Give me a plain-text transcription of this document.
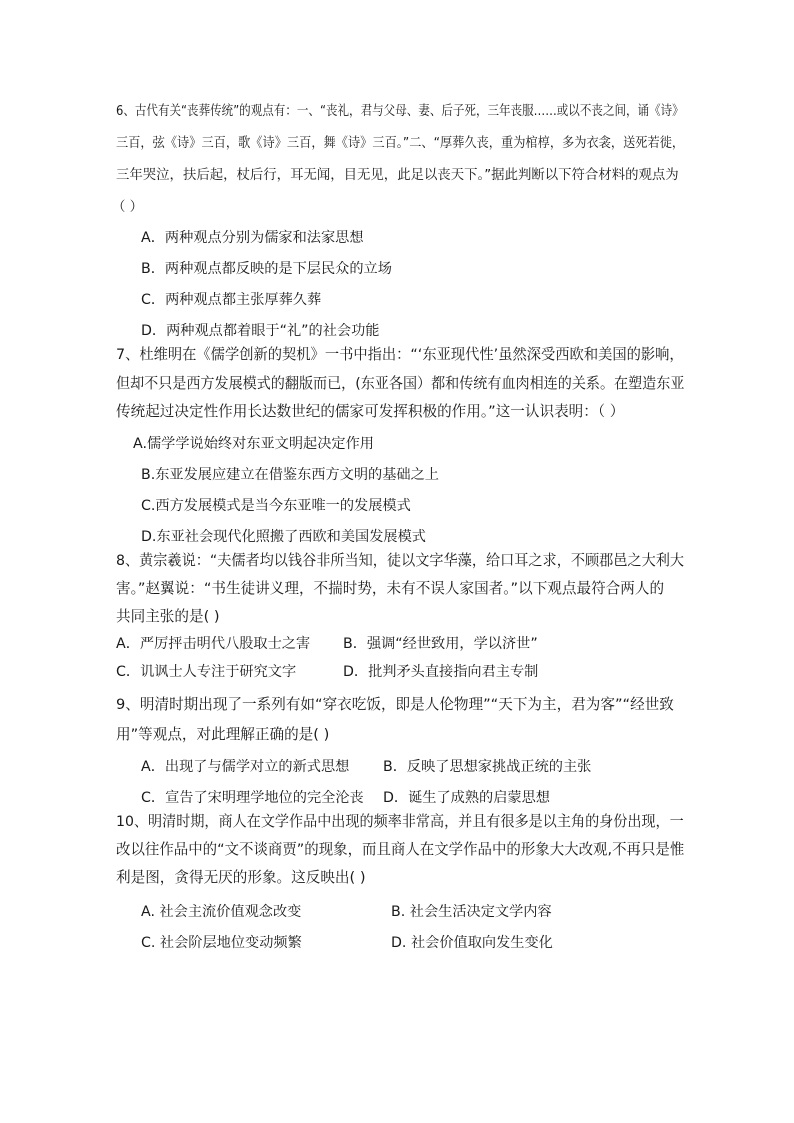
6、古代有关“丧葬传统”的观点有：一、“丧礼，君与父母、妻、后子死，三年丧服……或以不丧之间，诵《诗》
三百，弦《诗》三百，歌《诗》三百，舞《诗》三百。”二、“厚葬久丧，重为棺椁，多为衣衾，送死若徙，
三年哭泣，扶后起，杖后行，耳无闻，目无见，此足以丧天下。”据此判断以下符合材料的观点为
（ ）
A．两种观点分别为儒家和法家思想
B．两种观点都反映的是下层民众的立场
C．两种观点都主张厚葬久葬
D．两种观点都着眼于“礼”的社会功能
7、杜维明在《儒学创新的契机》一书中指出：“‘东亚现代性’虽然深受西欧和美国的影响，
但却不只是西方发展模式的翻版而已，(东亚各国）都和传统有血肉相连的关系。在塑造东亚
传统起过决定性作用长达数世纪的儒家可发挥积极的作用。”这一认识表明：（ ）
A.儒学学说始终对东亚文明起决定作用
B.东亚发展应建立在借鉴东西方文明的基础之上
C.西方发展模式是当今东亚唯一的发展模式
D.东亚社会现代化照搬了西欧和美国发展模式
8、黄宗羲说：“夫儒者均以钱谷非所当知，徒以文字华藻，给口耳之求，不顾郡邑之大利大
害。”赵翼说：“书生徒讲义理，不揣时势，未有不误人家国者。”以下观点最符合两人的
共同主张的是( )
A．严厉抨击明代八股取士之害 B．强调“经世致用，学以济世”
C．讥讽士人专注于研究文字	D．批判矛头直接指向君主专制
9、明清时期出现了一系列有如“穿衣吃饭，即是人伦物理”“天下为主，君为客”“经世致
用”等观点，对此理解正确的是( )
A．出现了与儒学对立的新式思想 B．反映了思想家挑战正统的主张
C．宣告了宋明理学地位的完全沦丧 D．诞生了成熟的启蒙思想
10、明清时期，商人在文学作品中出现的频率非常高，并且有很多是以主角的身份出现，一
改以往作品中的“文不谈商贾”的现象，而且商人在文学作品中的形象大大改观,不再只是惟
利是图，贪得无厌的形象。这反映出( )
A. 社会主流价值观念改变	B. 社会生活决定文学内容
C. 社会阶层地位变动频繁	D. 社会价值取向发生变化
